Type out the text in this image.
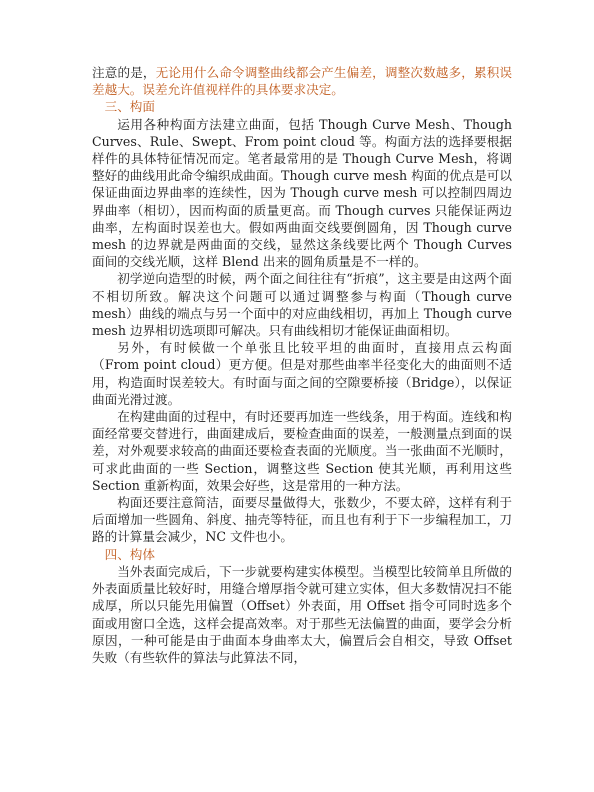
注意的是，无论用什么命令调整曲线都会产生偏差，调整次数越多，累积误差越大。误差允许值视样件的具体要求决定。

三、构面

运用各种构面方法建立曲面，包括 Though Curve Mesh、Though Curves、Rule、Swept、From point cloud 等。构面方法的选择要根据样件的具体特征情况而定。笔者最常用的是 Though Curve Mesh，将调整好的曲线用此命令编织成曲面。Though curve mesh 构面的优点是可以保证曲面边界曲率的连续性，因为 Though curve mesh 可以控制四周边界曲率（相切），因而构面的质量更高。而 Though curves 只能保证两边曲率，左构面时误差也大。假如两曲面交线要倒圆角，因 Though curve mesh 的边界就是两曲面的交线，显然这条线要比两个 Though Curves 面间的交线光顺，这样 Blend 出来的圆角质量是不一样的。

初学逆向造型的时候，两个面之间往往有“折痕”，这主要是由这两个面不相切所致。解决这个问题可以通过调整参与构面（Though curve mesh）曲线的端点与另一个面中的对应曲线相切，再加上 Though curve mesh 边界相切选项即可解决。只有曲线相切才能保证曲面相切。

另外，有时候做一个单张且比较平坦的曲面时，直接用点云构面（From point cloud）更方便。但是对那些曲率半径变化大的曲面则不适用，构造面时误差较大。有时面与面之间的空隙要桥接（Bridge），以保证曲面光滑过渡。

在构建曲面的过程中，有时还要再加连一些线条，用于构面。连线和构面经常要交替进行，曲面建成后，要检查曲面的误差，一般测量点到面的误差，对外观要求较高的曲面还要检查表面的光顺度。当一张曲面不光顺时，可求此曲面的一些 Section，调整这些 Section 使其光顺，再利用这些 Section 重新构面，效果会好些，这是常用的一种方法。

构面还要注意简洁，面要尽量做得大，张数少，不要太碎，这样有利于后面增加一些圆角、斜度、抽壳等特征，而且也有利于下一步编程加工，刀路的计算量会减少，NC 文件也小。

四、构体

当外表面完成后，下一步就要构建实体模型。当模型比较简单且所做的外表面质量比较好时，用缝合增厚指令就可建立实体，但大多数情况扫不能成厚，所以只能先用偏置（Offset）外表面，用 Offset 指令可同时选多个面或用窗口全选，这样会提高效率。对于那些无法偏置的曲面，要学会分析原因，一种可能是由于曲面本身曲率太大，偏置后会自相交，导致 Offset 失败（有些软件的算法与此算法不同，
